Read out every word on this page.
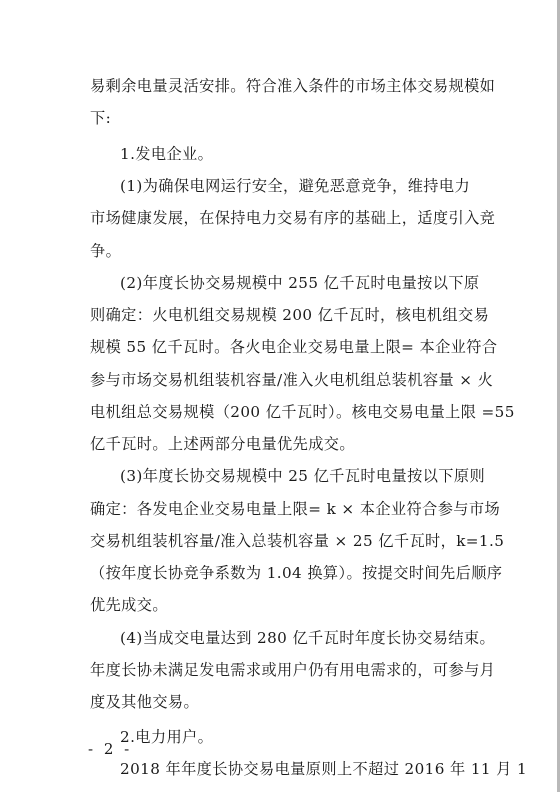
易剩余电量灵活安排。符合准入条件的市场主体交易规模如
下:
1.发电企业。
(1)为确保电网运行安全，避免恶意竞争，维持电力
市场健康发展，在保持电力交易有序的基础上，适度引入竞
争。
(2)年度长协交易规模中 255 亿千瓦时电量按以下原
则确定：火电机组交易规模 200 亿千瓦时，核电机组交易
规模 55 亿千瓦时。各火电企业交易电量上限= 本企业符合
参与市场交易机组装机容量/准入火电机组总装机容量 × 火
电机组总交易规模（200 亿千瓦时）。核电交易电量上限 =55
亿千瓦时。上述两部分电量优先成交。
(3)年度长协交易规模中 25 亿千瓦时电量按以下原则
确定：各发电企业交易电量上限= k × 本企业符合参与市场
交易机组装机容量/准入总装机容量 × 25 亿千瓦时，k=1.5
（按年度长协竞争系数为 1.04 换算）。按提交时间先后顺序
优先成交。
(4)当成交电量达到 280 亿千瓦时年度长协交易结束。
年度长协未满足发电需求或用户仍有用电需求的，可参与月
度及其他交易。
2.电力用户。
2018 年年度长协交易电量原则上不超过 2016 年 11 月 1
- 2 -
